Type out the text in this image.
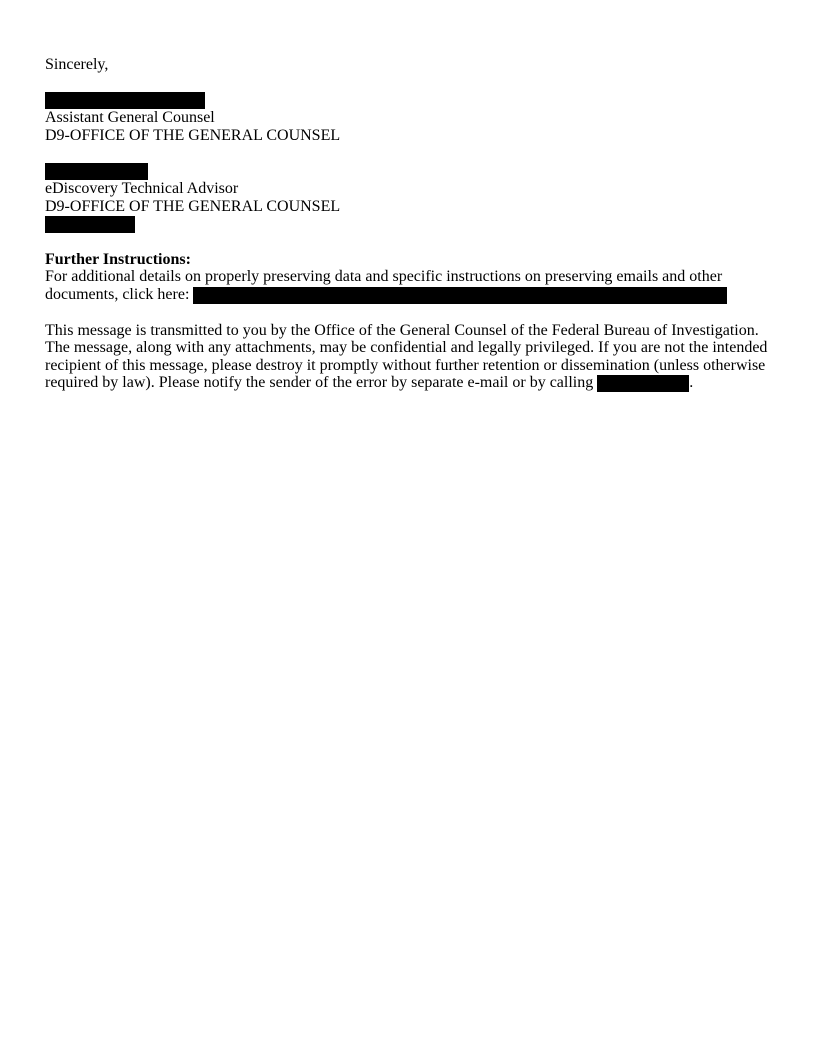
Sincerely,
Assistant General Counsel
D9-OFFICE OF THE GENERAL COUNSEL
eDiscovery Technical Advisor
D9-OFFICE OF THE GENERAL COUNSEL
Further Instructions:
For additional details on properly preserving data and specific instructions on preserving emails and other
documents, click here:
This message is transmitted to you by the Office of the General Counsel of the Federal Bureau of Investigation.
The message, along with any attachments, may be confidential and legally privileged. If you are not the intended
recipient of this message, please destroy it promptly without further retention or dissemination (unless otherwise
required by law). Please notify the sender of the error by separate e-mail or by calling	.
